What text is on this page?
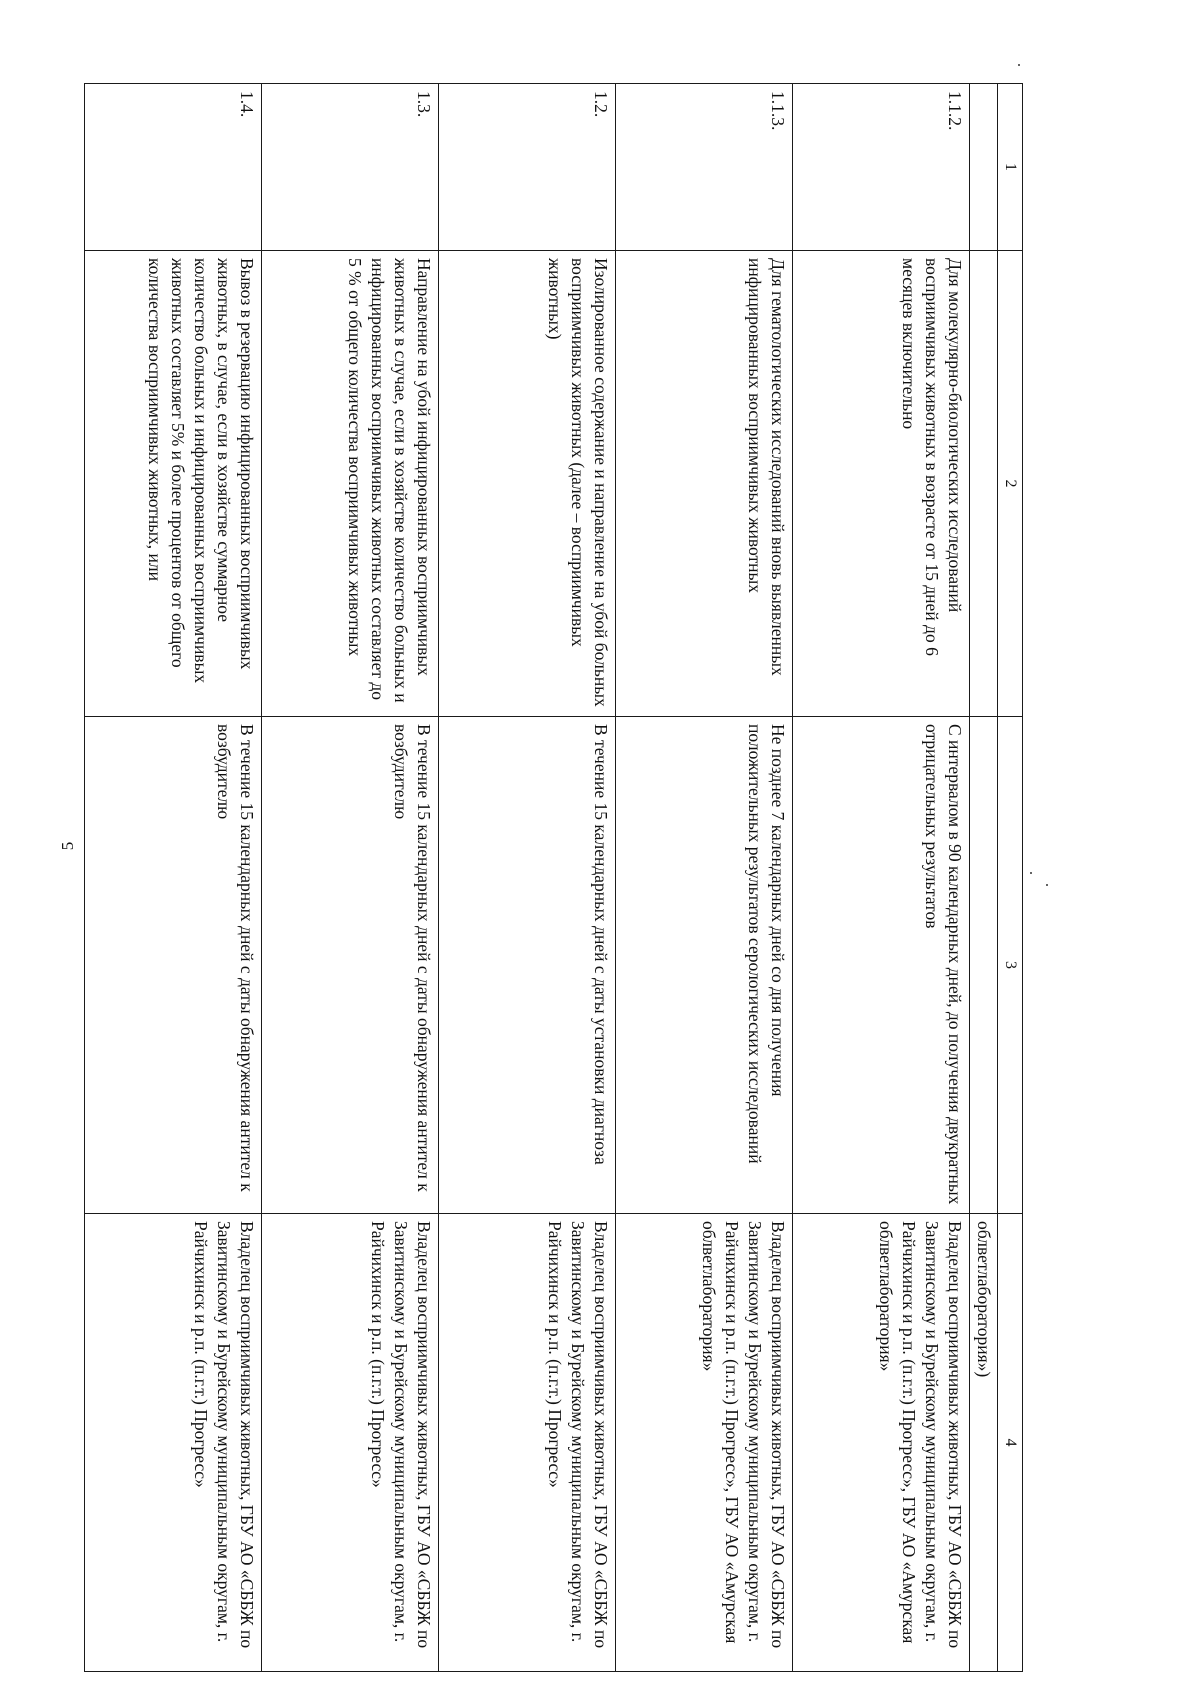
5
1	2	3	4
			облветлаборатория»)
1.1.2.	Для молекулярно-биологических исследований восприимчивых животных в возрасте от 15 дней до 6 месяцев включительно	С интервалом в 90 календарных дней, до получения двукратных отрицательных результатов	Владелец восприимчивых животных, ГБУ АО «СББЖ по Завитинскому и Бурейскому муниципальным округам, г. Райчихинск и р.п. (п.г.т.) Прогресс», ГБУ АО «Амурская облветлаборатория»
1.1.3.	Для гематологических исследований вновь выявленных инфицированных восприимчивых животных	Не позднее 7 календарных дней со дня получения положительных результатов серологических исследований	Владелец восприимчивых животных, ГБУ АО «СББЖ по Завитинскому и Бурейскому муниципальным округам, г. Райчихинск и р.п. (п.г.т.) Прогресс», ГБУ АО «Амурская облветлаборатория»
1.2.	Изолированное содержание и направление на убой больных восприимчивых животных (далее – восприимчивых животных)	В течение 15 календарных дней с даты установки диагноза	Владелец восприимчивых животных, ГБУ АО «СББЖ по Завитинскому и Бурейскому муниципальным округам, г. Райчихинск и р.п. (п.г.т.) Прогресс»
1.3.	Направление на убой инфицированных восприимчивых животных в случае, если в хозяйстве количество больных и инфицированных восприимчивых животных составляет до 5 % от общего количества восприимчивых животных	В течение 15 календарных дней с даты обнаружения антител к возбудителю	Владелец восприимчивых животных, ГБУ АО «СББЖ по Завитинскому и Бурейскому муниципальным округам, г. Райчихинск и р.п. (п.г.т.) Прогресс»
1.4.	Вывоз в резервацию инфицированных восприимчивых животных, в случае, если в хозяйстве суммарное количество больных и инфицированных восприимчивых животных составляет 5% и более процентов от общего количества восприимчивых животных, или	В течение 15 календарных дней с даты обнаружения антител к возбудителю	Владелец восприимчивых животных, ГБУ АО «СББЖ по Завитинскому и Бурейскому муниципальным округам, г. Райчихинск и р.п. (п.г.т.) Прогресс»
